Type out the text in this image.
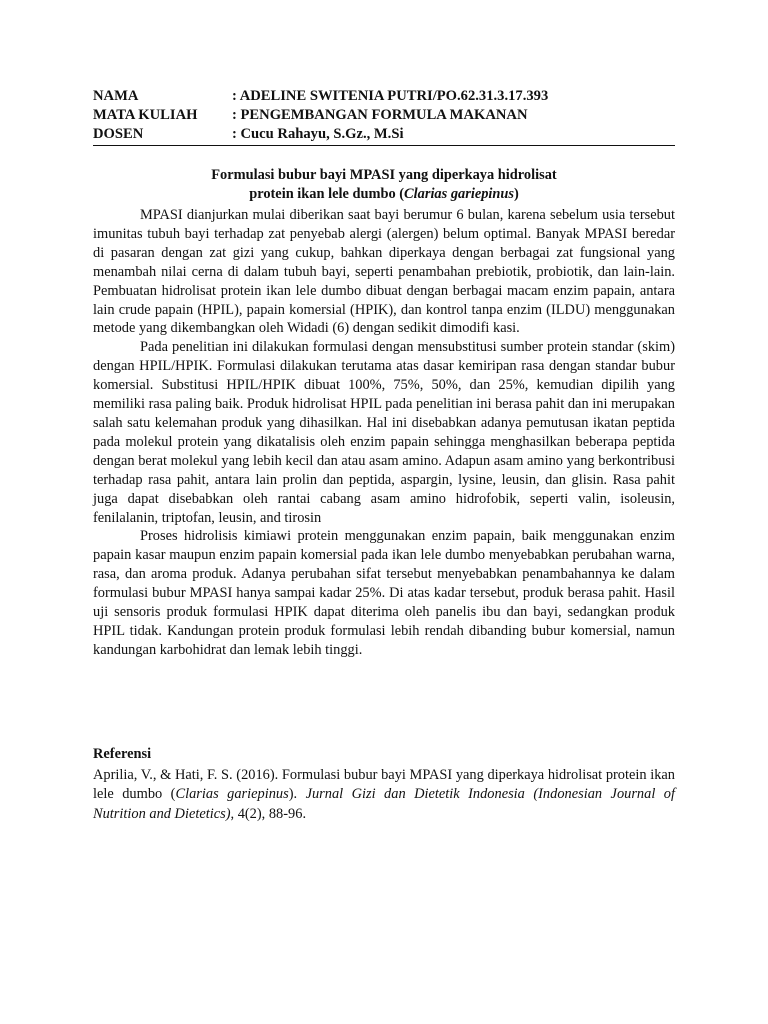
NAMA	: ADELINE SWITENIA PUTRI/PO.62.31.3.17.393
MATA KULIAH	: PENGEMBANGAN FORMULA MAKANAN
DOSEN	: Cucu Rahayu, S.Gz., M.Si
Formulasi bubur bayi MPASI yang diperkaya hidrolisat
protein ikan lele dumbo (Clarias gariepinus)

MPASI dianjurkan mulai diberikan saat bayi berumur 6 bulan, karena sebelum usia tersebut imunitas tubuh bayi terhadap zat penyebab alergi (alergen) belum optimal. Banyak MPASI beredar di pasaran dengan zat gizi yang cukup, bahkan diperkaya dengan berbagai zat fungsional yang menambah nilai cerna di dalam tubuh bayi, seperti penambahan prebiotik, probiotik, dan lain-lain. Pembuatan hidrolisat protein ikan lele dumbo dibuat dengan berbagai macam enzim papain, antara lain crude papain (HPIL), papain komersial (HPIK), dan kontrol tanpa enzim (ILDU) menggunakan metode yang dikembangkan oleh Widadi (6) dengan sedikit dimodifi kasi.

Pada penelitian ini dilakukan formulasi dengan mensubstitusi sumber protein standar (skim) dengan HPIL/HPIK. Formulasi dilakukan terutama atas dasar kemiripan rasa dengan standar bubur komersial. Substitusi HPIL/HPIK dibuat 100%, 75%, 50%, dan 25%, kemudian dipilih yang memiliki rasa paling baik. Produk hidrolisat HPIL pada penelitian ini berasa pahit dan ini merupakan salah satu kelemahan produk yang dihasilkan. Hal ini disebabkan adanya pemutusan ikatan peptida pada molekul protein yang dikatalisis oleh enzim papain sehingga menghasilkan beberapa peptida dengan berat molekul yang lebih kecil dan atau asam amino. Adapun asam amino yang berkontribusi terhadap rasa pahit, antara lain prolin dan peptida, aspargin, lysine, leusin, dan glisin. Rasa pahit juga dapat disebabkan oleh rantai cabang asam amino hidrofobik, seperti valin, isoleusin, fenilalanin, triptofan, leusin, and tirosin

Proses hidrolisis kimiawi protein menggunakan enzim papain, baik menggunakan enzim papain kasar maupun enzim papain komersial pada ikan lele dumbo menyebabkan perubahan warna, rasa, dan aroma produk. Adanya perubahan sifat tersebut menyebabkan penambahannya ke dalam formulasi bubur MPASI hanya sampai kadar 25%. Di atas kadar tersebut, produk berasa pahit. Hasil uji sensoris produk formulasi HPIK dapat diterima oleh panelis ibu dan bayi, sedangkan produk HPIL tidak. Kandungan protein produk formulasi lebih rendah dibanding bubur komersial, namun kandungan karbohidrat dan lemak lebih tinggi.

Referensi
Aprilia, V., & Hati, F. S. (2016). Formulasi bubur bayi MPASI yang diperkaya hidrolisat protein ikan lele dumbo (Clarias gariepinus). Jurnal Gizi dan Dietetik Indonesia (Indonesian Journal of Nutrition and Dietetics), 4(2), 88-96.
